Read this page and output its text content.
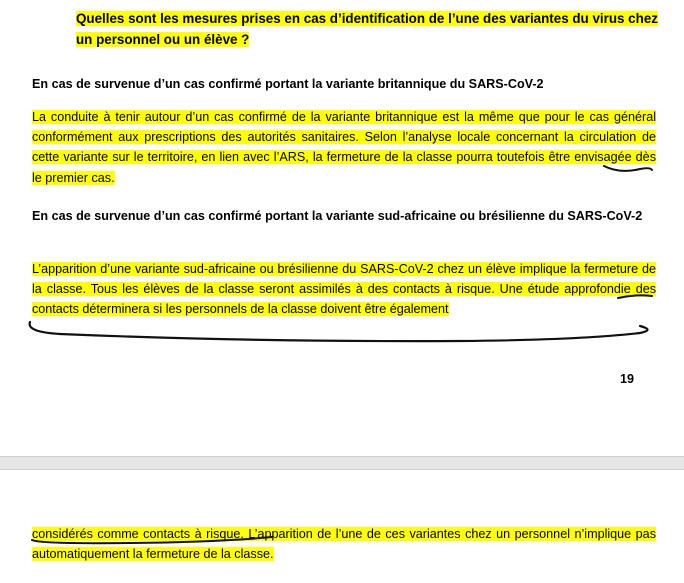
Quelles sont les mesures prises en cas d’identification de l’une des variantes du virus chez un personnel ou un élève ?
En cas de survenue d’un cas confirmé portant la variante britannique du SARS-CoV-2
La conduite à tenir autour d’un cas confirmé de la variante britannique est la même que pour le cas général conformément aux prescriptions des autorités sanitaires. Selon l’analyse locale concernant la circulation de cette variante sur le territoire, en lien avec l’ARS, la fermeture de la classe pourra toutefois être envisagée dès le premier cas.
En cas de survenue d’un cas confirmé portant la variante sud-africaine ou brésilienne du SARS-CoV-2
L’apparition d’une variante sud-africaine ou brésilienne du SARS-CoV-2 chez un élève implique la fermeture de la classe. Tous les élèves de la classe seront assimilés à des contacts à risque. Une étude approfondie des contacts déterminera si les personnels de la classe doivent être également
19
considérés comme contacts à risque. L’apparition de l’une de ces variantes chez un personnel n’implique pas automatiquement la fermeture de la classe.
